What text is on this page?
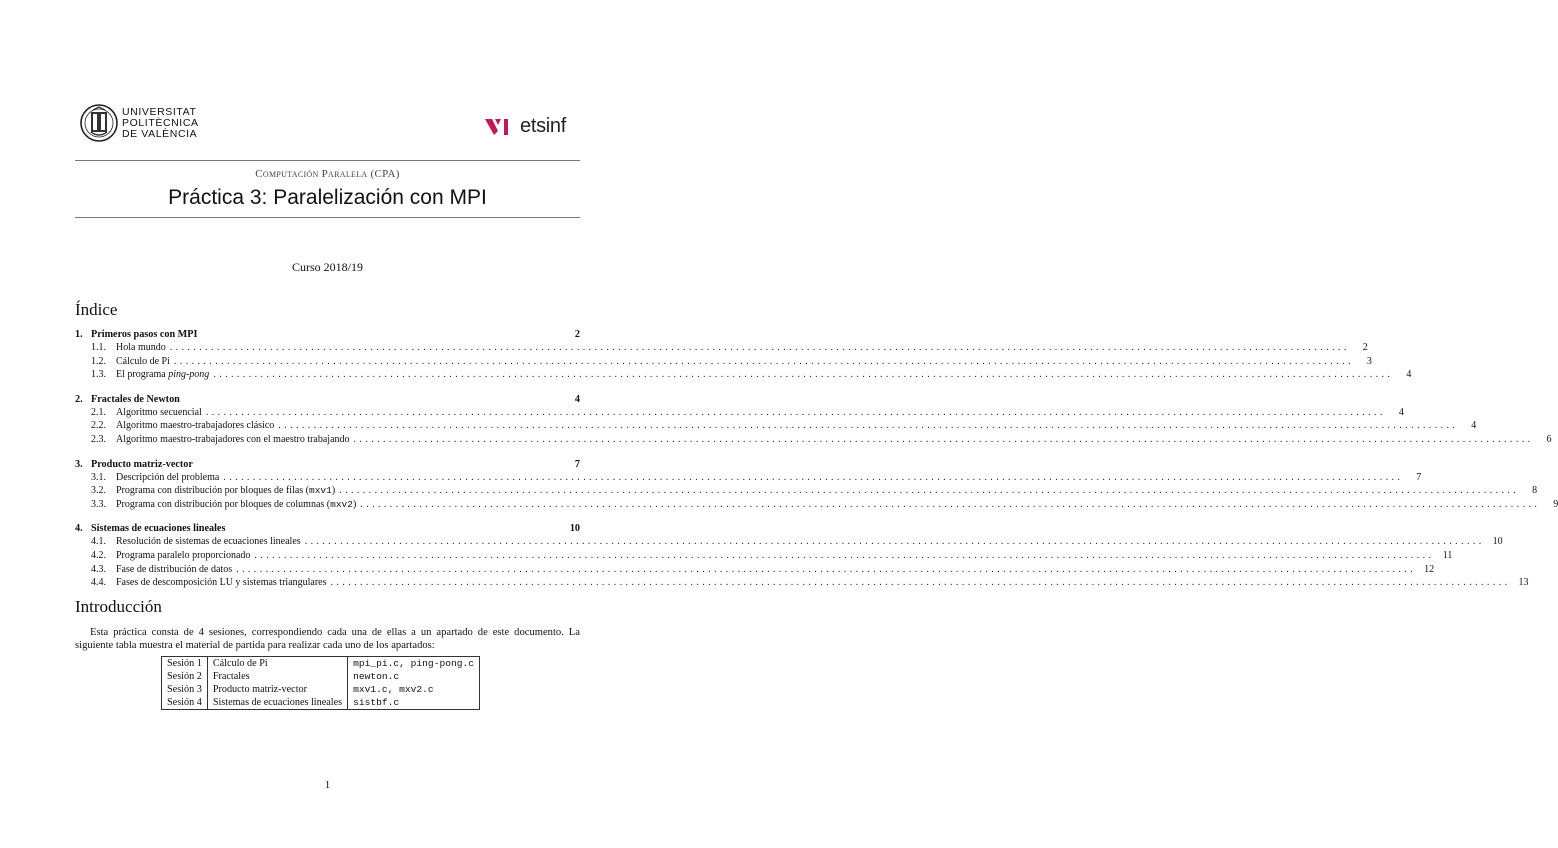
UNIVERSITAT
POLITÈCNICA
DE VALÈNCIA	etsinf
Computación Paralela (CPA)
Práctica 3: Paralelización con MPI
Curso 2018/19
Índice
1. Primeros pasos con MPI	2
1.1.	Hola mundo ........................................................................................................................................................................................................	2
1.2.	Cálculo de Pi ........................................................................................................................................................................................................	3
1.3.	El programa ping-pong ........................................................................................................................................................................................................	4
2. Fractales de Newton	4
2.1.	Algoritmo secuencial ........................................................................................................................................................................................................	4
2.2.	Algoritmo maestro-trabajadores clásico ........................................................................................................................................................................................................	4
2.3.	Algoritmo maestro-trabajadores con el maestro trabajando ........................................................................................................................................................................................................	6
3. Producto matriz-vector	7
3.1.	Descripción del problema ........................................................................................................................................................................................................	7
3.2.	Programa con distribución por bloques de filas (mxv1) ........................................................................................................................................................................................................	8
3.3.	Programa con distribución por bloques de columnas (mxv2) ........................................................................................................................................................................................................	9
4. Sistemas de ecuaciones lineales	10
4.1.	Resolución de sistemas de ecuaciones lineales ........................................................................................................................................................................................................ 10
4.2.	Programa paralelo proporcionado ........................................................................................................................................................................................................ 11
4.3.	Fase de distribución de datos ........................................................................................................................................................................................................ 12
4.4.	Fases de descomposición LU y sistemas triangulares ........................................................................................................................................................................................................ 13
Introducción
Esta práctica consta de 4 sesiones, correspondiendo cada una de ellas a un apartado de este documento. La siguiente tabla muestra el material de partida para realizar cada uno de los apartados:
Sesión 1	Cálculo de Pi	mpi_pi.c, ping-pong.c
Sesión 2	Fractales	newton.c
Sesión 3	Producto matriz-vector	mxv1.c, mxv2.c
Sesión 4	Sistemas de ecuaciones lineales	sistbf.c
1
